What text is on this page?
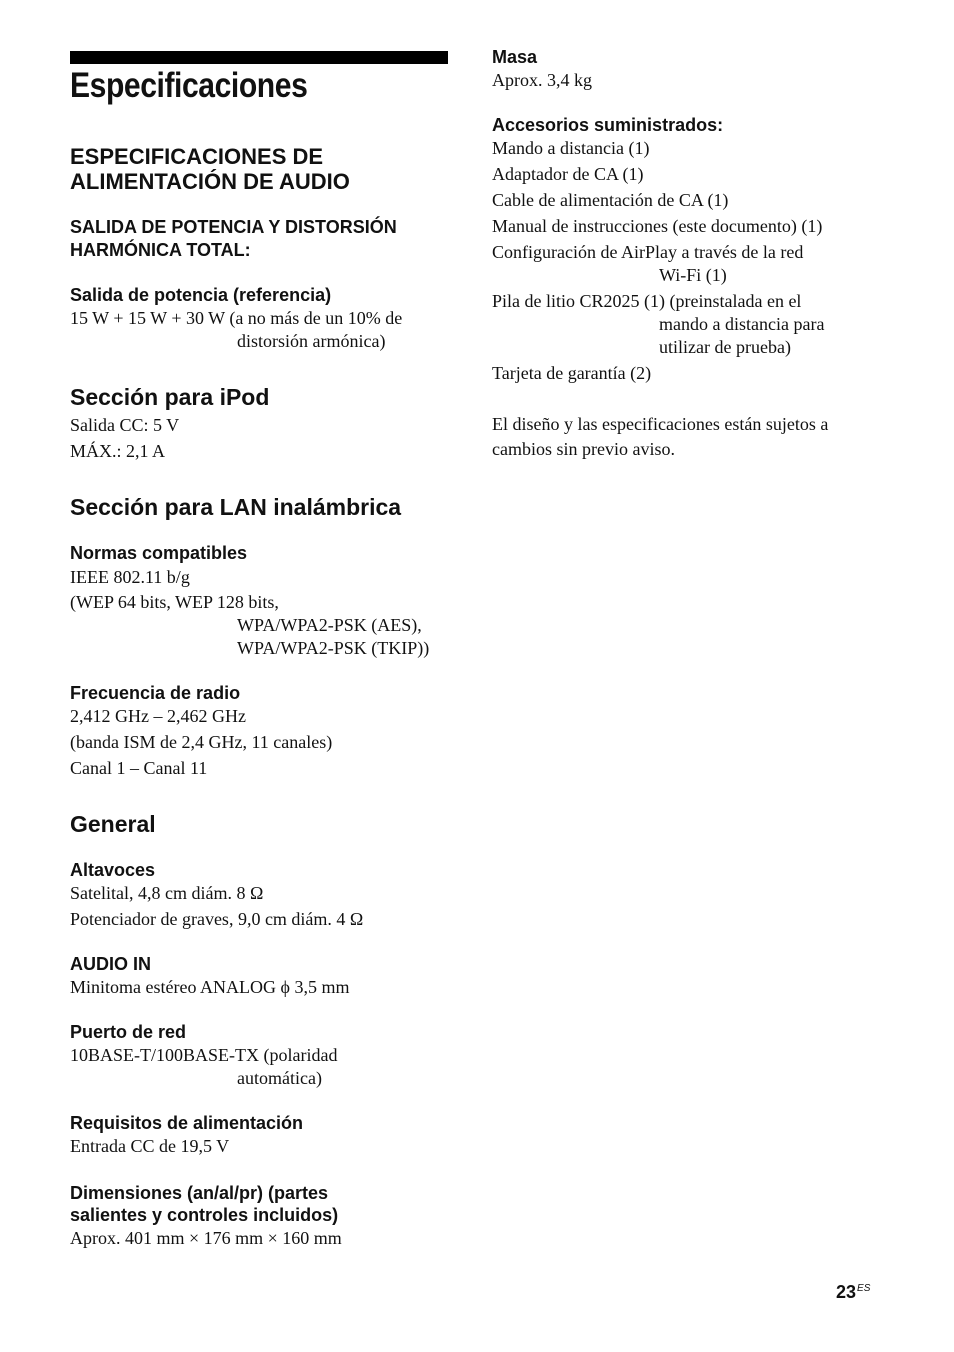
Especificaciones
ESPECIFICACIONES DE
ALIMENTACIÓN DE AUDIO
SALIDA DE POTENCIA Y DISTORSIÓN
HARMÓNICA TOTAL:
Salida de potencia (referencia)
15 W + 15 W + 30 W (a no más de un 10% de
distorsión armónica)
Sección para iPod
Salida CC: 5 V
MÁX.: 2,1 A
Sección para LAN inalámbrica
Normas compatibles
IEEE 802.11 b/g
(WEP 64 bits, WEP 128 bits,
WPA/WPA2-PSK (AES),
WPA/WPA2-PSK (TKIP))
Frecuencia de radio
2,412 GHz – 2,462 GHz
(banda ISM de 2,4 GHz, 11 canales)
Canal 1 – Canal 11
General
Altavoces
Satelital, 4,8 cm diám. 8 Ω
Potenciador de graves, 9,0 cm diám. 4 Ω
AUDIO IN
Minitoma estéreo ANALOG ϕ 3,5 mm
Puerto de red
10BASE-T/100BASE-TX (polaridad
automática)
Requisitos de alimentación
Entrada CC de 19,5 V
Dimensiones (an/al/pr) (partes
salientes y controles incluidos)
Aprox. 401 mm × 176 mm × 160 mm
Masa
Aprox. 3,4 kg
Accesorios suministrados:
Mando a distancia (1)
Adaptador de CA (1)
Cable de alimentación de CA (1)
Manual de instrucciones (este documento) (1)
Configuración de AirPlay a través de la red
Wi-Fi (1)
Pila de litio CR2025 (1) (preinstalada en el
mando a distancia para
utilizar de prueba)
Tarjeta de garantía (2)
El diseño y las especificaciones están sujetos a
cambios sin previo aviso.
$23^{ES}$
